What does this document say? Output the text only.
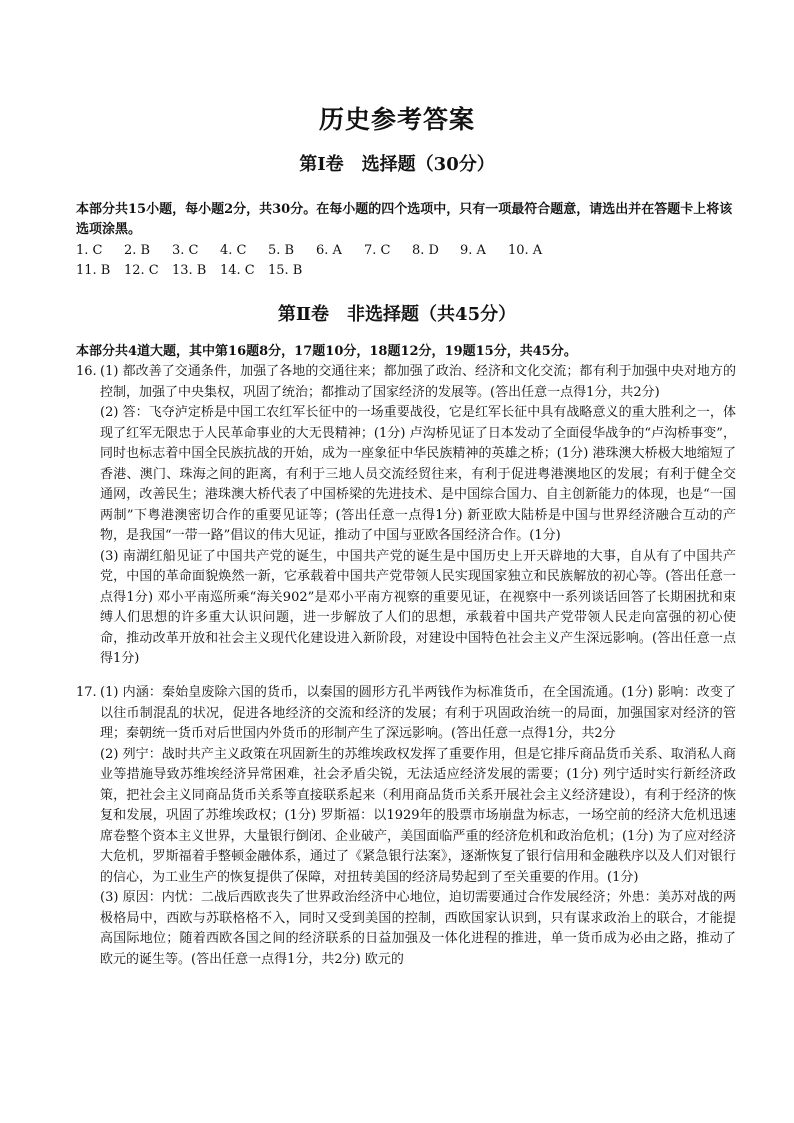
历史参考答案
第Ⅰ卷　选择题（30分）
本部分共15小题，每小题2分，共30分。在每小题的四个选项中，只有一项最符合题意，请选出并在答题卡上将该选项涂黑。
1. C 2. B 3. C 4. C 5. B 6. A 7. C 8. D 9. A 10. A
11. B 12. C 13. B 14. C 15. B
第Ⅱ卷　非选择题（共45分）
本部分共4道大题，其中第16题8分，17题10分，18题12分，19题15分，共45分。
16. (1) 都改善了交通条件，加强了各地的交通往来；都加强了政治、经济和文化交流；都有利于加强中央对地方的控制，加强了中央集权，巩固了统治；都推动了国家经济的发展等。(答出任意一点得1分，共2分)

(2) 答：飞夺泸定桥是中国工农红军长征中的一场重要战役，它是红军长征中具有战略意义的重大胜利之一，体现了红军无限忠于人民革命事业的大无畏精神；(1分) 卢沟桥见证了日本发动了全面侵华战争的“卢沟桥事变”，同时也标志着中国全民族抗战的开始，成为一座象征中华民族精神的英雄之桥；(1分) 港珠澳大桥极大地缩短了香港、澳门、珠海之间的距离，有利于三地人员交流经贸往来，有利于促进粤港澳地区的发展；有利于健全交通网，改善民生；港珠澳大桥代表了中国桥梁的先进技术、是中国综合国力、自主创新能力的体现，也是“一国两制”下粤港澳密切合作的重要见证等；(答出任意一点得1分) 新亚欧大陆桥是中国与世界经济融合互动的产物，是我国“一带一路”倡议的伟大见证，推动了中国与亚欧各国经济合作。(1分)

(3) 南湖红船见证了中国共产党的诞生，中国共产党的诞生是中国历史上开天辟地的大事，自从有了中国共产党，中国的革命面貌焕然一新，它承载着中国共产党带领人民实现国家独立和民族解放的初心等。(答出任意一点得1分) 邓小平南巡所乘“海关902”是邓小平南方视察的重要见证，在视察中一系列谈话回答了长期困扰和束缚人们思想的许多重大认识问题，进一步解放了人们的思想，承载着中国共产党带领人民走向富强的初心使命，推动改革开放和社会主义现代化建设进入新阶段，对建设中国特色社会主义产生深远影响。(答出任意一点得1分)

17. (1) 内涵：秦始皇废除六国的货币，以秦国的圆形方孔半两钱作为标准货币，在全国流通。(1分) 影响：改变了以往币制混乱的状况，促进各地经济的交流和经济的发展；有利于巩固政治统一的局面，加强国家对经济的管理；秦朝统一货币对后世国内外货币的形制产生了深远影响。(答出任意一点得1分，共2分

(2) 列宁：战时共产主义政策在巩固新生的苏维埃政权发挥了重要作用，但是它排斥商品货币关系、取消私人商业等措施导致苏维埃经济异常困难，社会矛盾尖锐，无法适应经济发展的需要；(1分) 列宁适时实行新经济政策，把社会主义同商品货币关系等直接联系起来（利用商品货币关系开展社会主义经济建设），有利于经济的恢复和发展，巩固了苏维埃政权；(1分) 罗斯福：以1929年的股票市场崩盘为标志，一场空前的经济大危机迅速席卷整个资本主义世界，大量银行倒闭、企业破产，美国面临严重的经济危机和政治危机；(1分) 为了应对经济大危机，罗斯福着手整顿金融体系，通过了《紧急银行法案》，逐渐恢复了银行信用和金融秩序以及人们对银行的信心，为工业生产的恢复提供了保障，对扭转美国的经济局势起到了至关重要的作用。(1分)

(3) 原因：内忧：二战后西欧丧失了世界政治经济中心地位，迫切需要通过合作发展经济；外患：美苏对战的两极格局中，西欧与苏联格格不入，同时又受到美国的控制，西欧国家认识到，只有谋求政治上的联合，才能提高国际地位；随着西欧各国之间的经济联系的日益加强及一体化进程的推进，单一货币成为必由之路，推动了欧元的诞生等。(答出任意一点得1分，共2分) 欧元的
